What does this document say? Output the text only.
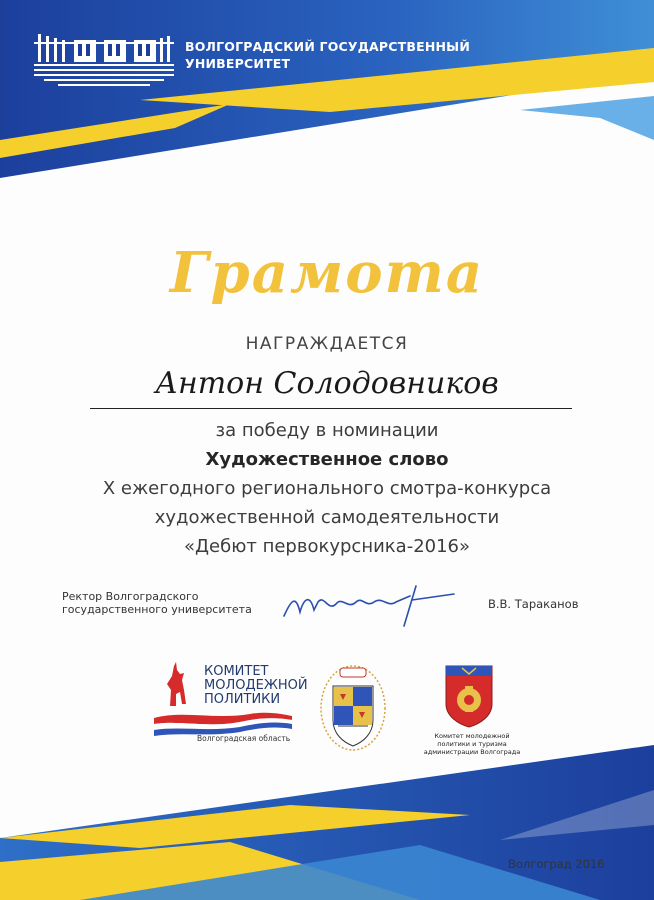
ВОЛГОГРАДСКИЙ ГОСУДАРСТВЕННЫЙ
УНИВЕРСИТЕТ
Грамота
НАГРАЖДАЕТСЯ
Антон Солодовников
за победу в номинации
Художественное слово
X ежегодного регионального смотра-конкурса
художественной самодеятельности
«Дебют первокурсника-2016»
Ректор Волгоградского
государственного университета	В.В. Тараканов
КОМИТЕТ
МОЛОДЕЖНОЙ
ПОЛИТИКИ
Волгоградская область	Комитет молодежной
политики и туризма
администрации Волгограда
Волгоград 2016
